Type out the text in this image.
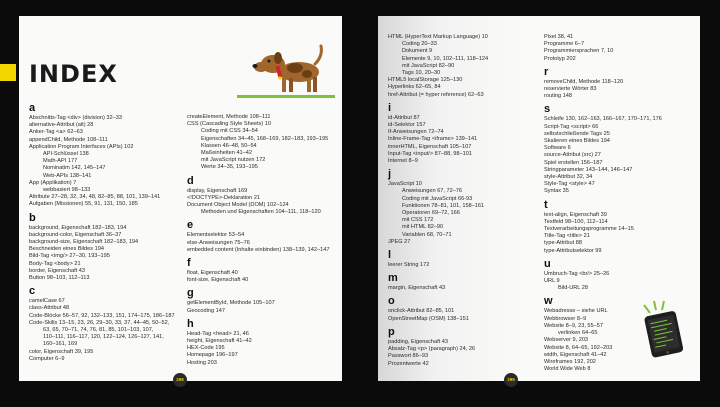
INDEX
a
Abschnitts-Tag <div> (division) 32–33
alternative-Attribut (alt) 28
Anker-Tag <a> 62–63
appendChild, Methode 108–111
Application Program Interfaces (APIs) 102
API-Schlüssel 138
Math-API 177
Nominatim 142, 145–147
Web-APIs 138–141
App (Applikation) 7
webbasiert 98–133
Attribute 27–28, 32, 34, 48, 82–85, 88, 101, 139–141
Aufgaben (Missionen) 55, 91, 131, 150, 185
b
background, Eigenschaft 182–183, 194
background-color, Eigenschaft 36–37
background-size, Eigenschaft 182–183, 194
Beschneiden eines Bildes 194
Bild-Tag <img/> 27–30, 193–195
Body-Tag <body> 21
border, Eigenschaft 43
Button 98–103, 112–113
c
camelCase 67
class-Attribut 48
Code-Blöcke 56–57, 92, 132–133, 151, 174–175, 186–187
Code-Skills 13–15, 23, 26, 29–30, 33, 37, 44–45, 50–52,
63, 65, 70–71, 74, 76, 81, 85, 101–103, 107,
110–111, 116–117, 120, 122–124, 126–127, 141,
160–161, 169
color, Eigenschaft 39, 195
Computer 6–9
createElement, Methode 108–111
CSS (Cascading Style Sheets) 10
Coding mit CSS 34–54
Eigenschaften 34–45, 168–169, 182–183, 193–195
Klassen 46–48, 50–54
Maßeinheiten 41–42
mit JavaScript nutzen 172
Werte 34–35, 193–195
d
display, Eigenschaft 169
<!DOCTYPE>-Deklaration 21
Document Object Model (DOM) 102–124
Methoden und Eigenschaften 104–111, 118–120
e
Elementselektor 53–54
else-Anweisungen 75–76
embedded content (Inhalte einbinden) 138–139, 142–147
f
float, Eigenschaft 40
font-size, Eigenschaft 40
g
getElementById, Methode 105–107
Geocoding 147
h
Head-Tag <head> 21, 46
height, Eigenschaft 41–42
HEX-Code 195
Homepage 196–197
Hosting 203
298
HTML (HyperText Markup Language) 10
Coding 20–33
Dokument 9
Elemente 9, 10, 102–111, 118–124
mit JavaScript 82–90
Tags 10, 20–30
HTML5 localStorage 125–130
Hyperlinks 62–65, 84
href-Attribut (= hyper reference) 62–63
i
id-Attribut 87
id-Selektor 157
If-Anweisungen 72–74
Inline-Frame-Tag <iframe> 139–141
innerHTML, Eigenschaft 105–107
Input-Tag <input/> 87–88, 98–101
Internet 8–9
j
JavaScript 10
Anweisungen 67, 72–76
Coding mit JavaScript 66-93
Funktionen 78–81, 101, 158–161
Operatoren 69–72, 166
mit CSS 172
mit HTML 82–90
Variablen 68, 70–71
JPEG 27
l
leerer String 172
m
margin, Eigenschaft 43
o
onclick-Attribut 82–85, 101
OpenStreetMap (OSM) 138–151
p
padding, Eigenschaft 43
Absatz-Tag <p> (paragraph) 24, 26
Passwort 86–93
Prozentwerte 42
Pixel 38, 41
Programme 6–7
Programmiersprachen 7, 10
Prototyp 202
r
removeChild, Methode 118–120
reservierte Wörter 83
routing 148
s
Schleife 130, 162–163, 166–167, 170–171, 176
Script-Tag <script> 66
selbstschließende Tags 25
Skalieren eines Bildes 194
Software 6
source-Attribut (src) 27
Spiel erstellen 156–187
Stringparameter 143–144, 146–147
style-Attribut 32, 34
Style-Tag <style> 47
Syntax 35
t
text-align, Eigenschaft 39
Textfeld 98–100, 112–114
Textverarbeitungsprogramme 14–15
Title-Tag <title> 21
type-Attribut 88
type-Attributselektor 99
u
Umbruch-Tag <br/> 25–26
URL 9
Bild-URL 28
w
Webadresse – siehe URL
Webbrowser 8–9
Website 8–9, 23, 55–57
verlinken 64–65
Webserver 9, 203
Website 8, 64–65, 192–203
width, Eigenschaft 41–42
Wireframes 192, 202
World Wide Web 8
299
